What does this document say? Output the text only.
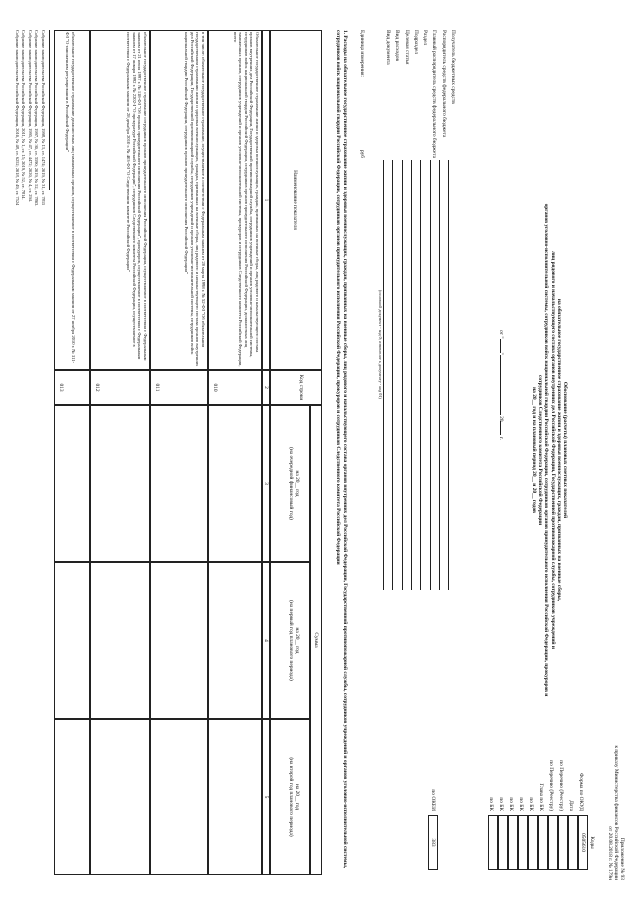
Приложение № 93
к приказу Министерства финансов Российской Федерации
от 20.08.2018 г. № 179н
Обоснование (расчеты) плановых сметных показателей
на обязательное государственное страхование жизни и здоровья военнослужащих, граждан, призванных на военные сборы,
лиц рядового и начальствующего состава органов внутренних дел Российской Федерации, Государственной противопожарной службы, сотрудников учреждений и
органов уголовно-исполнительной системы, сотрудников войск национальной гвардии Российской Федерации, сотрудников органов принудительного исполнения Российской Федерации, прокуроров и
сотрудников Следственного комитета Российской Федерации
на 20__ год и на плановый период 20__ и 20__ годов
от "" 20 г.
Коды
0505610
Форма по ОКУД
Дата
по Перечню (Реестру)
по Перечню (Реестру)
Глава по БК
по БК
по БК
по БК
по БК
по БК
383
по ОКЕИ
Получатель бюджетных средств
Распорядитель средств федерального бюджета
Главный распорядитель средств федерального бюджета
Раздел
Подраздел
Целевая статья
Вид расходов
Вид документа
(основной документ - код 0; изменение к документу - код 01)
Единица измерения:
руб
1. Расходы на обязательное государственное страхование жизни и здоровья военнослужащих, граждан, призванных на военные сборы, лиц рядового и начальствующего состава органов внутренних дел Российской Федерации, Государственной противопожарной службы, сотрудников учреждений и органов уголовно-исполнительной системы, сотрудников войск национальной гвардии Российской Федерации, сотрудников органов принудительного исполнения Российской Федерации, прокуроров и сотрудников Следственного комитета Российской Федерации
Наименование показателя
Код строки
Сумма
на 20__ год
(на очередной финансовый год)
на 20__ год
(на первый год планового периода)
на 20__ год
(на второй год планового периода)
1
2
3
4
5
Обязательное государственное страхование жизни и здоровья военнослужащих, граждан, призванных на военные сборы, лиц рядового и начальствующего состава органов внутренних дел Российской Федерации, Государственной противопожарной службы, сотрудников учреждений и органов уголовно-исполнительной системы, сотрудников войск национальной гвардии Российской Федерации, сотрудников органов принудительного исполнения Российской Федерации, должностных лиц таможенных органов, сотрудников учреждений и органов уголовно-исполнительной системы, прокуроров и сотрудников Следственного комитета Российской Федерации, всего
010
в том числе: обязательное государственное страхование, осуществляемое в соответствии с Федеральным законом от 28 марта 1998 г. № 52-ФЗ "Об обязательном государственном страховании жизни и здоровья военнослужащих, граждан, призванных на военные сборы, лиц рядового и начальствующего состава органов внутренних дел Российской Федерации, Государственной противопожарной службы, сотрудников учреждений и органов уголовно-исполнительной системы, сотрудников войск национальной гвардии Российской Федерации, сотрудников органов принудительного исполнения Российской Федерации"
011
обязательное государственное страхование сотрудников органов принудительного исполнения Российской Федерации, осуществляемое в соответствии с Федеральным законом от 21 июля 1997 г. № 118-ФЗ "Об органах принудительного исполнения Российской Федерации", прокуроров, осуществляемое в соответствии с Федеральным законом от 17 января 1992 г. № 2202-I "О прокуратуре Российской Федерации", сотрудников Следственного комитета Российской Федерации, осуществляемое в соответствии с Федеральным законом от 28 декабря 2010 г. № 403-ФЗ "О Следственном комитете Российской Федерации"
012
обязательное государственное страхование должностных лиц таможенных органов, осуществляемое в соответствии с Федеральным законом от 27 ноября 2010 г. № 311-ФЗ "О таможенном регулировании в Российской Федерации"
013
Собрание законодательства Российской Федерации, 1998, № 13, ст. 1474; 2019, № 31, ст. 7815
Собрание законодательства Российской Федерации, 1997, № 30, ст. 3590; 2019, № 52, ст. 7803.
Собрание законодательства Российской Федерации, 1995, № 47, ст. 4472; 2020, № 4, ст. 294.
Собрание законодательства Российской Федерации, 2011, № 1, ст. 15; 2019, № 52, ст. 7814.
Собрание законодательства Российской Федерации, 2010, № 48, ст. 6252; 2018, № 49, ст. 7524
